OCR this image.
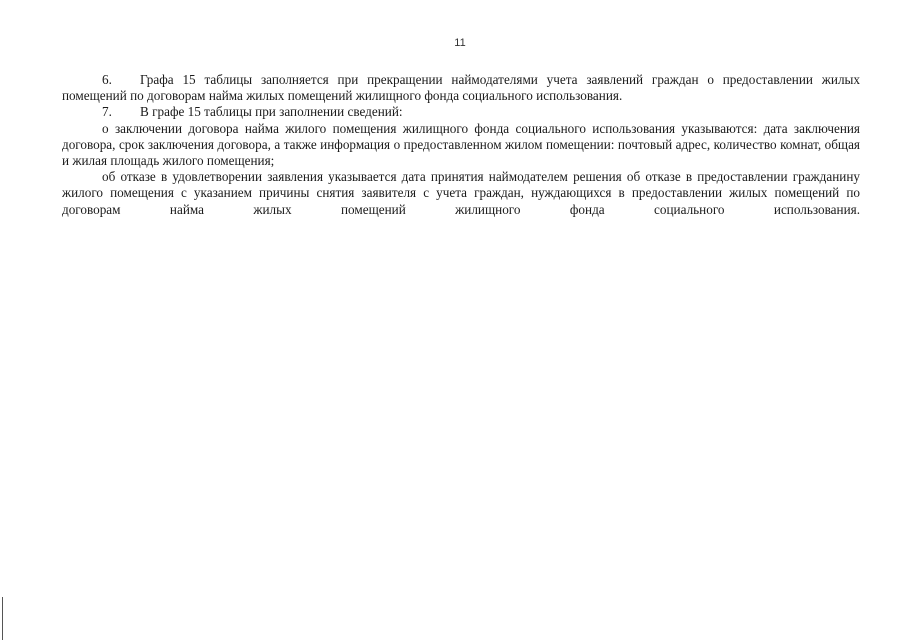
11

6. Графа 15 таблицы заполняется при прекращении наймодателями учета заявлений граждан о предоставлении жилых помещений по договорам найма жилых помещений жилищного фонда социального использования.

7. В графе 15 таблицы при заполнении сведений:

о заключении договора найма жилого помещения жилищного фонда социального использования указываются: дата заключения договора, срок заключения договора, а также информация о предоставленном жилом помещении: почтовый адрес, количество комнат, общая и жилая площадь жилого помещения;

об отказе в удовлетворении заявления указывается дата принятия наймодателем решения об отказе в предоставлении гражданину жилого помещения с указанием причины снятия заявителя с учета граждан, нуждающихся в предоставлении жилых помещений по договорам найма жилых помещений жилищного фонда социального использования.
